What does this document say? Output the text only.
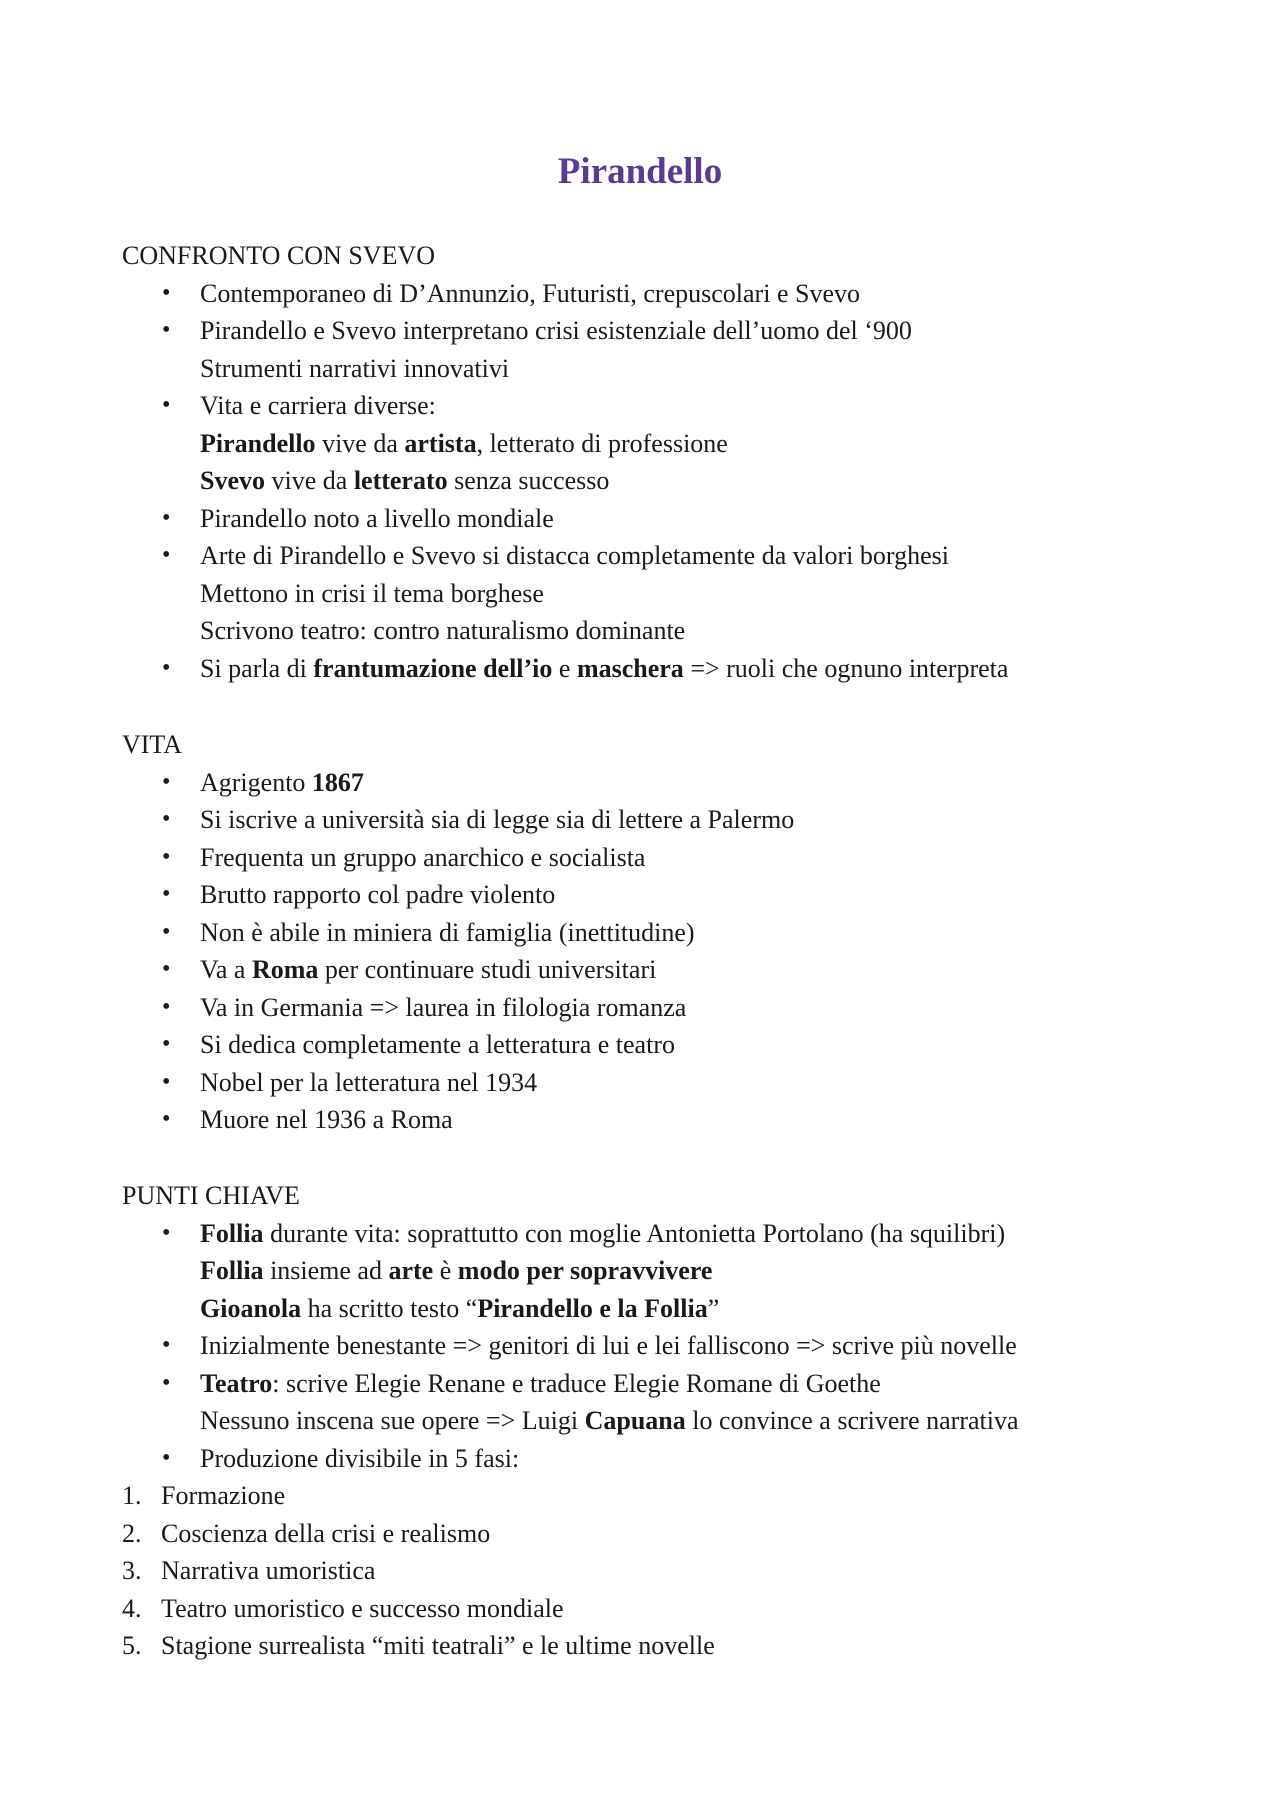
Pirandello
CONFRONTO CON SVEVO
• Contemporaneo di D’Annunzio, Futuristi, crepuscolari e Svevo
• Pirandello e Svevo interpretano crisi esistenziale dell’uomo del ‘900
Strumenti narrativi innovativi
• Vita e carriera diverse:
Pirandello vive da artista, letterato di professione
Svevo vive da letterato senza successo
• Pirandello noto a livello mondiale
• Arte di Pirandello e Svevo si distacca completamente da valori borghesi
Mettono in crisi il tema borghese
Scrivono teatro: contro naturalismo dominante
• Si parla di frantumazione dell’io e maschera => ruoli che ognuno interpreta
VITA
• Agrigento 1867
• Si iscrive a università sia di legge sia di lettere a Palermo
• Frequenta un gruppo anarchico e socialista
• Brutto rapporto col padre violento
• Non è abile in miniera di famiglia (inettitudine)
• Va a Roma per continuare studi universitari
• Va in Germania => laurea in filologia romanza
• Si dedica completamente a letteratura e teatro
• Nobel per la letteratura nel 1934
• Muore nel 1936 a Roma
PUNTI CHIAVE
• Follia durante vita: soprattutto con moglie Antonietta Portolano (ha squilibri)
Follia insieme ad arte è modo per sopravvivere
Gioanola ha scritto testo “Pirandello e la Follia”
• Inizialmente benestante => genitori di lui e lei falliscono => scrive più novelle
• Teatro: scrive Elegie Renane e traduce Elegie Romane di Goethe
Nessuno inscena sue opere => Luigi Capuana lo convince a scrivere narrativa
• Produzione divisibile in 5 fasi:
1. Formazione
2. Coscienza della crisi e realismo
3. Narrativa umoristica
4. Teatro umoristico e successo mondiale
5. Stagione surrealista “miti teatrali” e le ultime novelle
